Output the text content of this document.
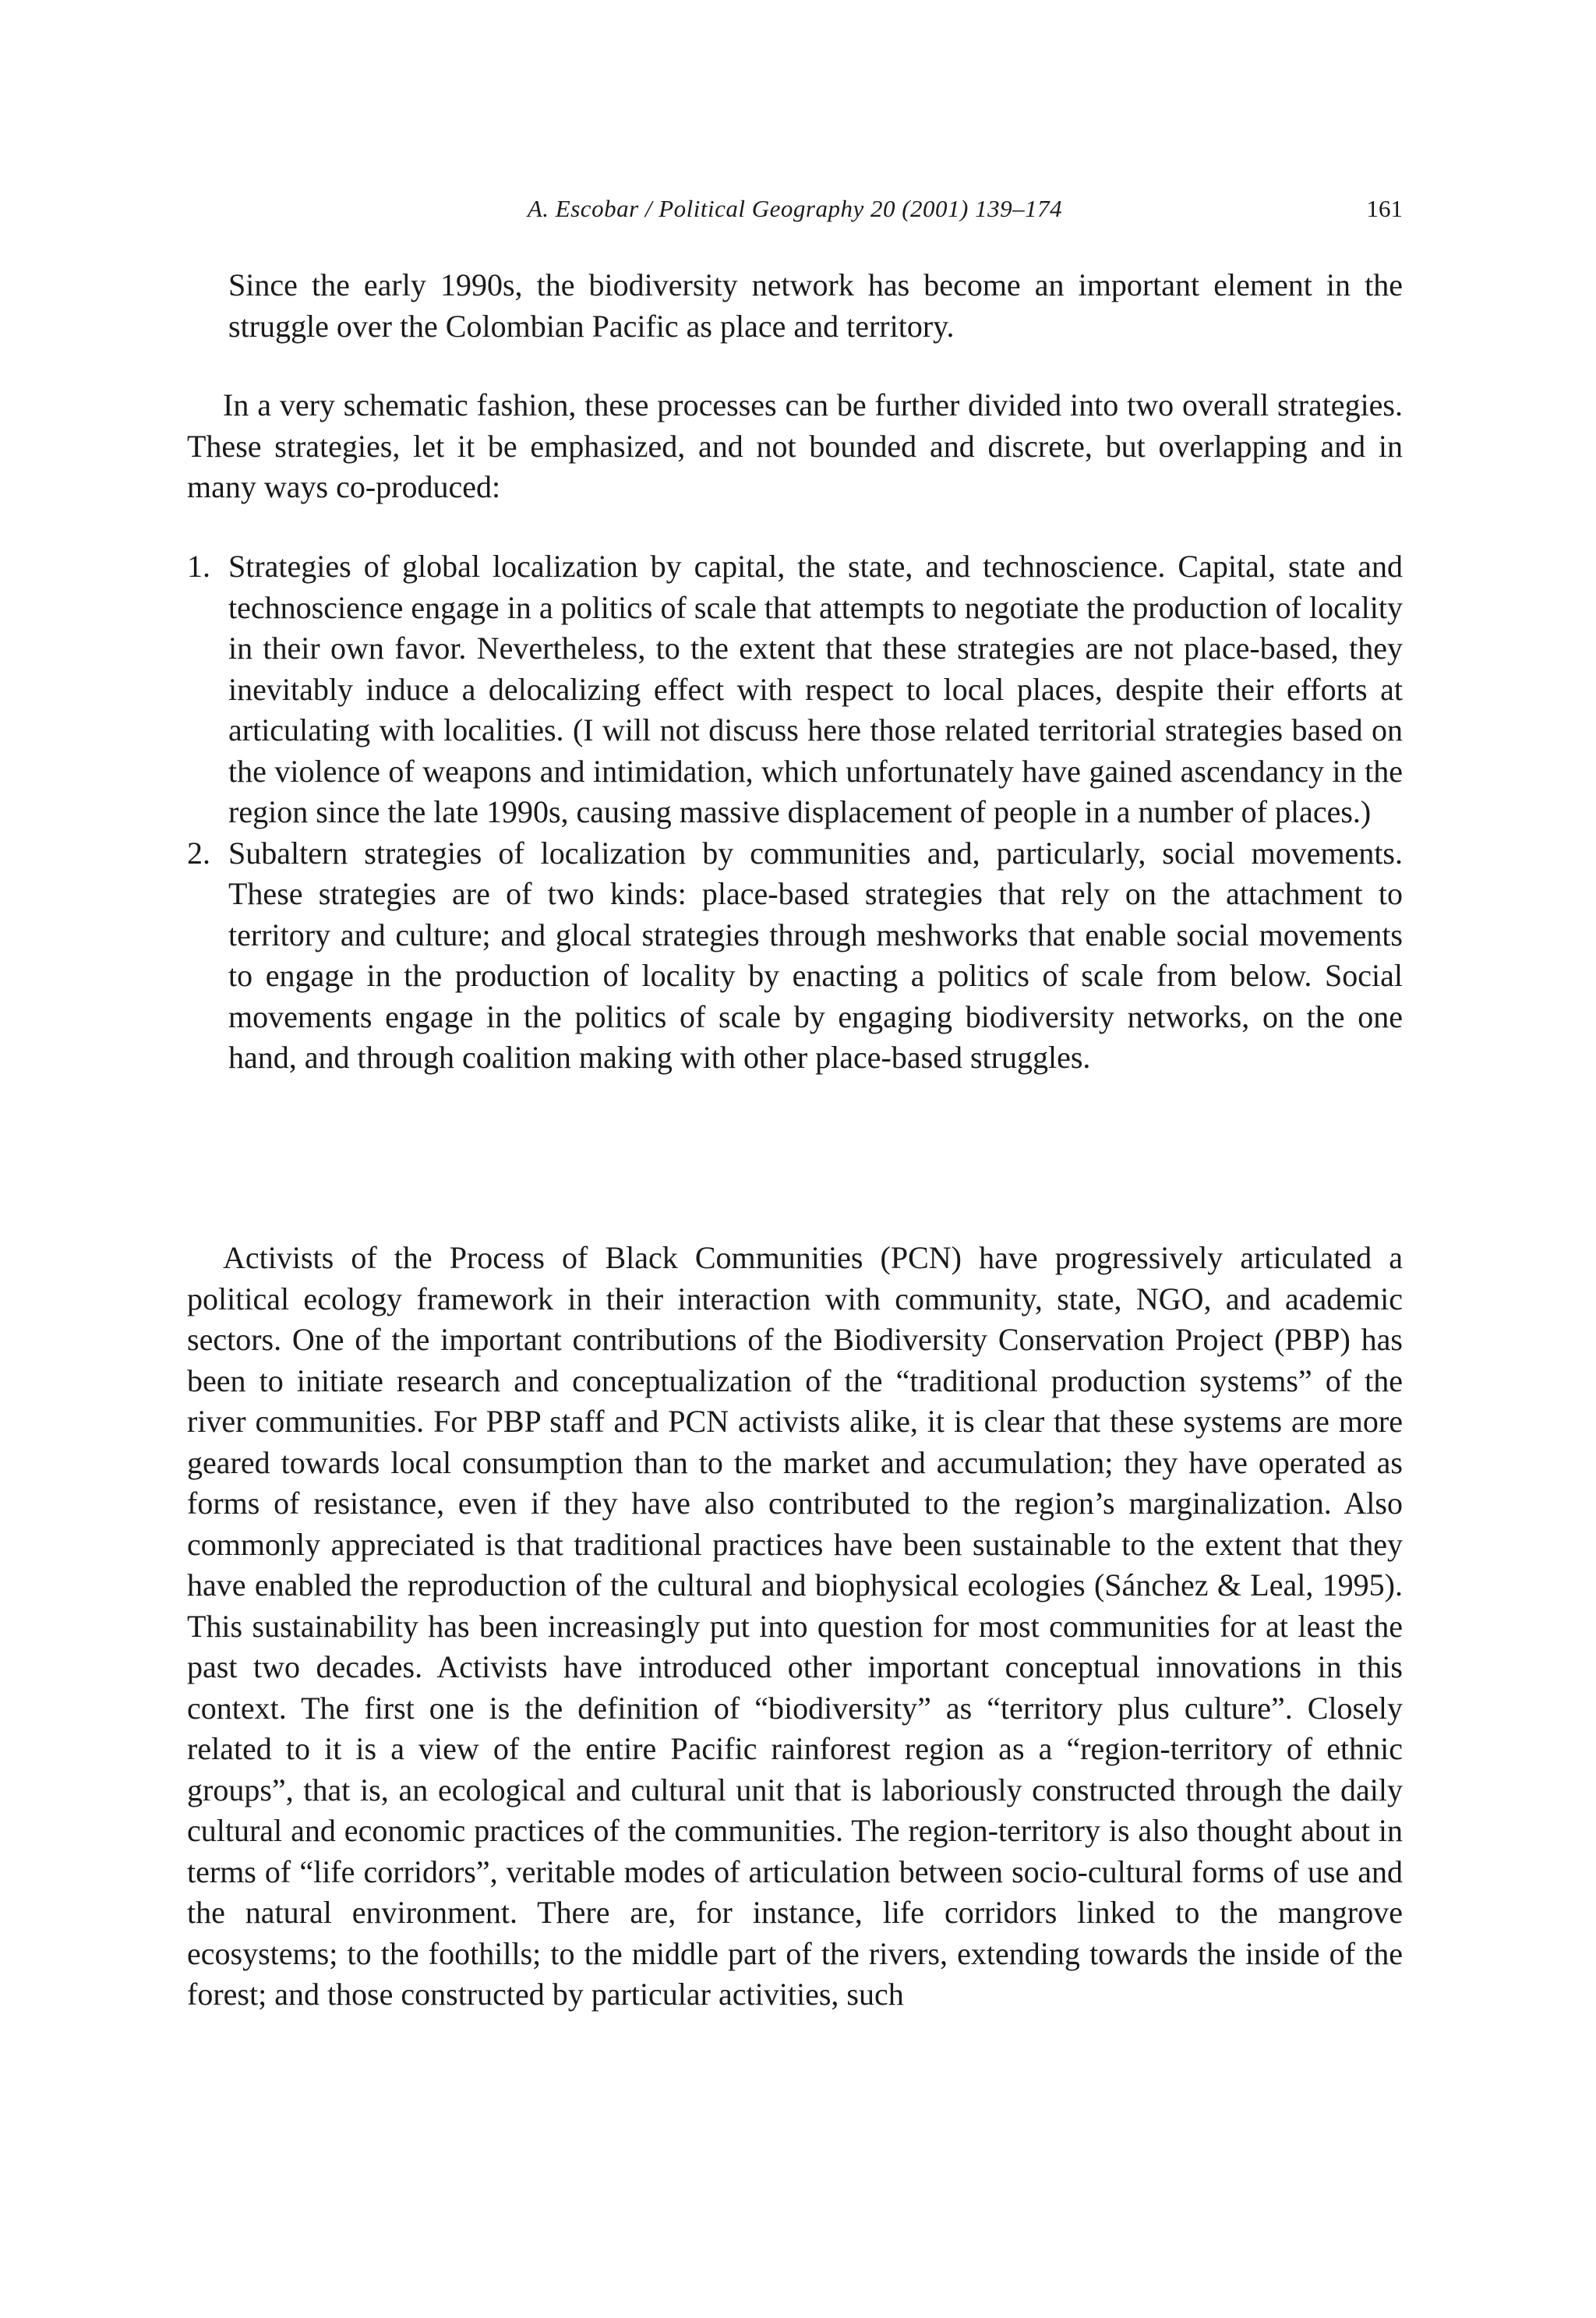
A. Escobar / Political Geography 20 (2001) 139–174	161

Since the early 1990s, the biodiversity network has become an important element in the struggle over the Colombian Pacific as place and territory.

In a very schematic fashion, these processes can be further divided into two overall strategies. These strategies, let it be emphasized, and not bounded and discrete, but overlapping and in many ways co-produced:

1. Strategies of global localization by capital, the state, and technoscience. Capital, state and technoscience engage in a politics of scale that attempts to negotiate the production of locality in their own favor. Nevertheless, to the extent that these strategies are not place-based, they inevitably induce a delocalizing effect with respect to local places, despite their efforts at articulating with localities. (I will not discuss here those related territorial strategies based on the violence of weapons and intimidation, which unfortunately have gained ascendancy in the region since the late 1990s, causing massive displacement of people in a number of places.)
2. Subaltern strategies of localization by communities and, particularly, social movements. These strategies are of two kinds: place-based strategies that rely on the attachment to territory and culture; and glocal strategies through meshworks that enable social movements to engage in the production of locality by enacting a politics of scale from below. Social movements engage in the politics of scale by engaging biodiversity networks, on the one hand, and through coalition making with other place-based struggles.

Activists of the Process of Black Communities (PCN) have progressively articulated a political ecology framework in their interaction with community, state, NGO, and academic sectors. One of the important contributions of the Biodiversity Conservation Project (PBP) has been to initiate research and conceptualization of the “traditional production systems” of the river communities. For PBP staff and PCN activists alike, it is clear that these systems are more geared towards local consumption than to the market and accumulation; they have operated as forms of resistance, even if they have also contributed to the region’s marginalization. Also commonly appreciated is that traditional practices have been sustainable to the extent that they have enabled the reproduction of the cultural and biophysical ecologies (Sánchez & Leal, 1995). This sustainability has been increasingly put into question for most communities for at least the past two decades. Activists have introduced other important conceptual innovations in this context. The first one is the definition of “biodiversity” as “territory plus culture”. Closely related to it is a view of the entire Pacific rainforest region as a “region-territory of ethnic groups”, that is, an ecological and cultural unit that is laboriously constructed through the daily cultural and economic practices of the communities. The region-territory is also thought about in terms of “life corridors”, veritable modes of articulation between socio-cultural forms of use and the natural environment. There are, for instance, life corridors linked to the mangrove ecosystems; to the foothills; to the middle part of the rivers, extending towards the inside of the forest; and those constructed by particular activities, such
